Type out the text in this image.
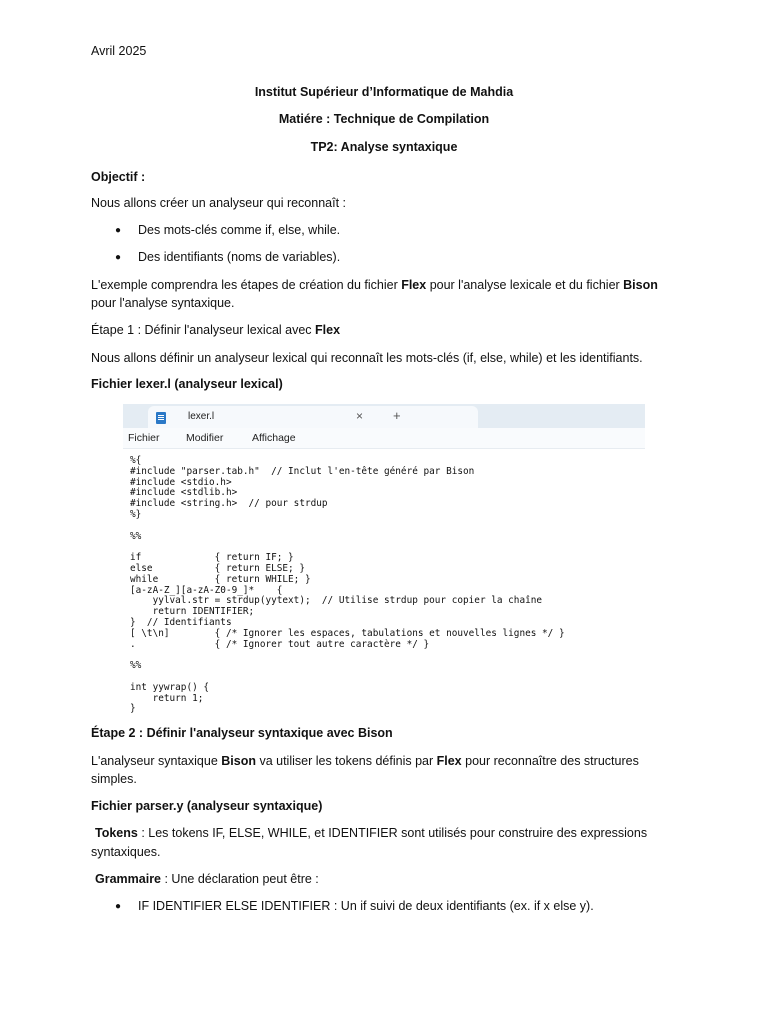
Avril 2025

Institut Supérieur d’Informatique de Mahdia

Matiére : Technique de Compilation

TP2: Analyse syntaxique

Objectif :

Nous allons créer un analyseur qui reconnaît :

● Des mots-clés comme if, else, while.
● Des identifiants (noms de variables).

L'exemple comprendra les étapes de création du fichier Flex pour l'analyse lexicale et du fichier Bison

pour l'analyse syntaxique.

Étape 1 : Définir l'analyseur lexical avec Flex

Nous allons définir un analyseur lexical qui reconnaît les mots-clés (if, else, while) et les identifiants.

Fichier lexer.l (analyseur lexical)

lexer.l	× +
Fichier	Modifier	Affichage
%{
#include "parser.tab.h"  // Inclut l'en-tête généré par Bison
#include <stdio.h>
#include <stdlib.h>
#include <string.h>  // pour strdup
%}

%%

if             { return IF; }
else           { return ELSE; }
while          { return WHILE; }
[a-zA-Z_][a-zA-Z0-9_]*    {
yylval.str = strdup(yytext);  // Utilise strdup pour copier la chaîne
return IDENTIFIER;
}  // Identifiants
[ \t\n]        { /* Ignorer les espaces, tabulations et nouvelles lignes */ }
.              { /* Ignorer tout autre caractère */ }

%%

int yywrap() {
return 1;
}

Étape 2 : Définir l'analyseur syntaxique avec Bison

L'analyseur syntaxique Bison va utiliser les tokens définis par Flex pour reconnaître des structures

simples.

Fichier parser.y (analyseur syntaxique)

Tokens : Les tokens IF, ELSE, WHILE, et IDENTIFIER sont utilisés pour construire des expressions

syntaxiques.

Grammaire : Une déclaration peut être :

● IF IDENTIFIER ELSE IDENTIFIER : Un if suivi de deux identifiants (ex. if x else y).
